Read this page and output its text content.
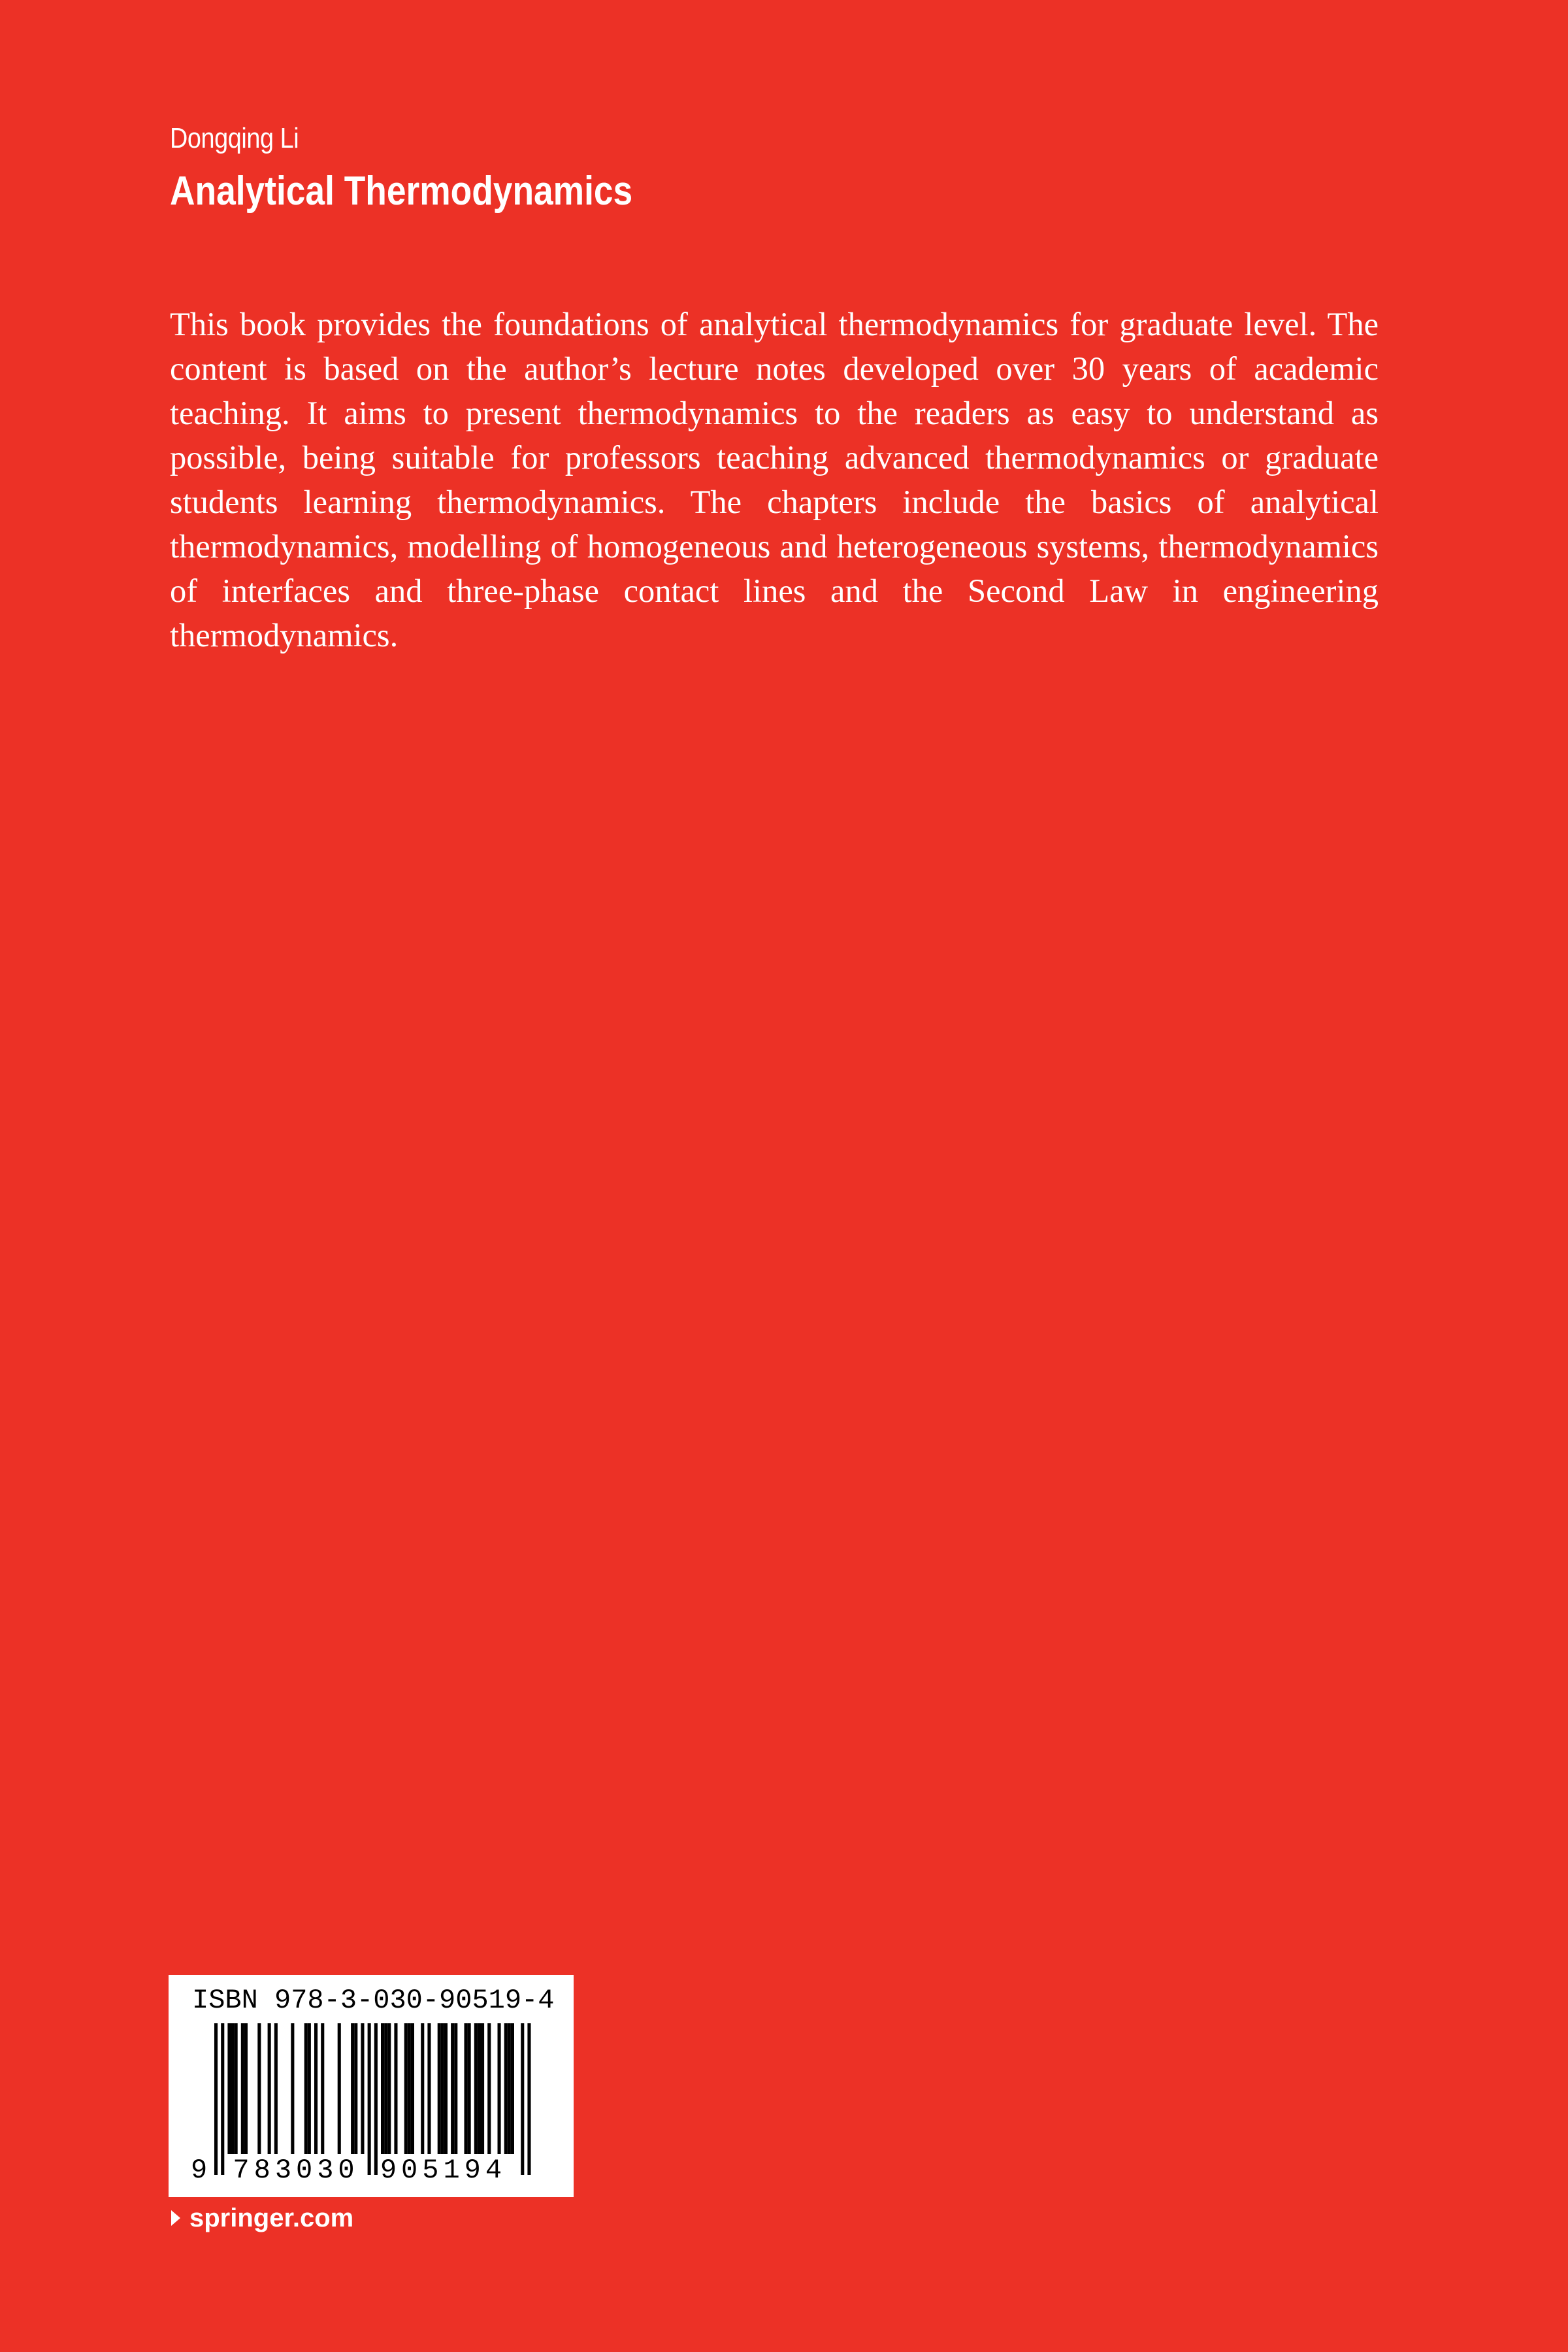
Dongqing Li
Analytical Thermodynamics
This book provides the foundations of analytical thermodynamics for graduate level. The content is based on the author’s lecture notes developed over 30 years of academic teaching. It aims to present thermodynamics to the readers as easy to understand as possible, being suitable for professors teaching advanced thermodynamics or graduate students learning thermodynamics. The chapters include the basics of analytical thermodynamics, modelling of homogeneous and heterogeneous systems, thermodynamics of interfaces and three-phase contact lines and the Second Law in engineering thermodynamics.
ISBN 978-3-030-90519-4
9 783030 905194
springer.com
